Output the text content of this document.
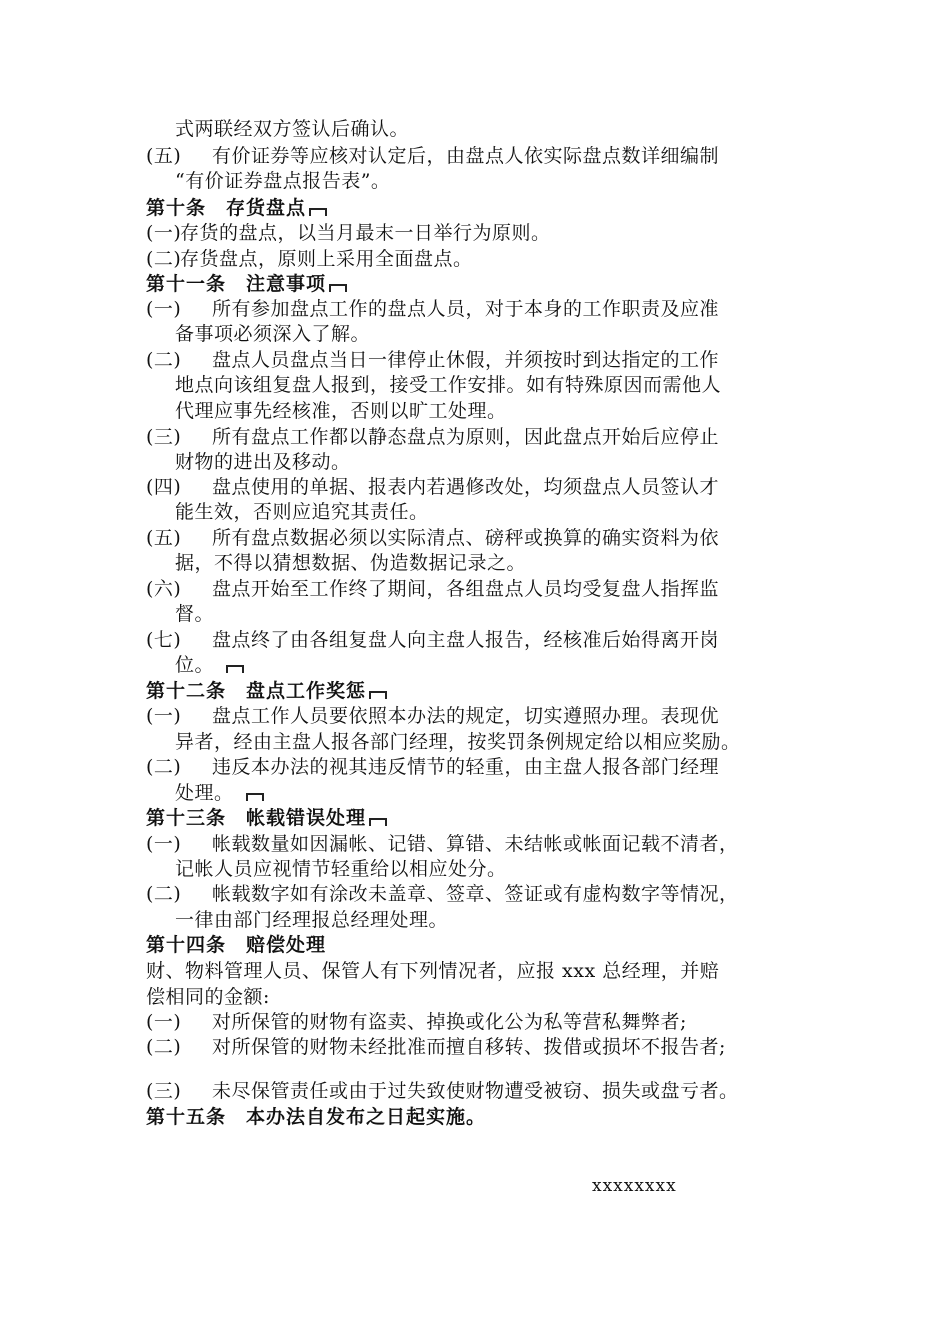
式两联经双方签认后确认。
(五) 有价证券等应核对认定后，由盘点人依实际盘点数详细编制
“有价证券盘点报告表”。
第十条　存货盘点
(一)存货的盘点，以当月最末一日举行为原则。
(二)存货盘点，原则上采用全面盘点。
第十一条　注意事项
(一) 所有参加盘点工作的盘点人员，对于本身的工作职责及应准
备事项必须深入了解。
(二) 盘点人员盘点当日一律停止休假，并须按时到达指定的工作
地点向该组复盘人报到，接受工作安排。如有特殊原因而需他人
代理应事先经核准，否则以旷工处理。
(三) 所有盘点工作都以静态盘点为原则，因此盘点开始后应停止
财物的进出及移动。
(四) 盘点使用的单据、报表内若遇修改处，均须盘点人员签认才
能生效，否则应追究其责任。
(五) 所有盘点数据必须以实际清点、磅秤或换算的确实资料为依
据，不得以猜想数据、伪造数据记录之。
(六) 盘点开始至工作终了期间，各组盘点人员均受复盘人指挥监
督。
(七) 盘点终了由各组复盘人向主盘人报告，经核准后始得离开岗
位。
第十二条　盘点工作奖惩
(一) 盘点工作人员要依照本办法的规定，切实遵照办理。表现优
异者，经由主盘人报各部门经理，按奖罚条例规定给以相应奖励。
(二) 违反本办法的视其违反情节的轻重，由主盘人报各部门经理
处理。
第十三条　帐载错误处理
(一) 帐载数量如因漏帐、记错、算错、未结帐或帐面记载不清者，
记帐人员应视情节轻重给以相应处分。
(二) 帐载数字如有涂改未盖章、签章、签证或有虚构数字等情况，
一律由部门经理报总经理处理。
第十四条　赔偿处理
财、物料管理人员、保管人有下列情况者，应报 xxx 总经理，并赔
偿相同的金额:
(一) 对所保管的财物有盗卖、掉换或化公为私等营私舞弊者;
(二) 对所保管的财物未经批准而擅自移转、拨借或损坏不报告者;
(三) 未尽保管责任或由于过失致使财物遭受被窃、损失或盘亏者。
第十五条　本办法自发布之日起实施。
xxxxxxxx
